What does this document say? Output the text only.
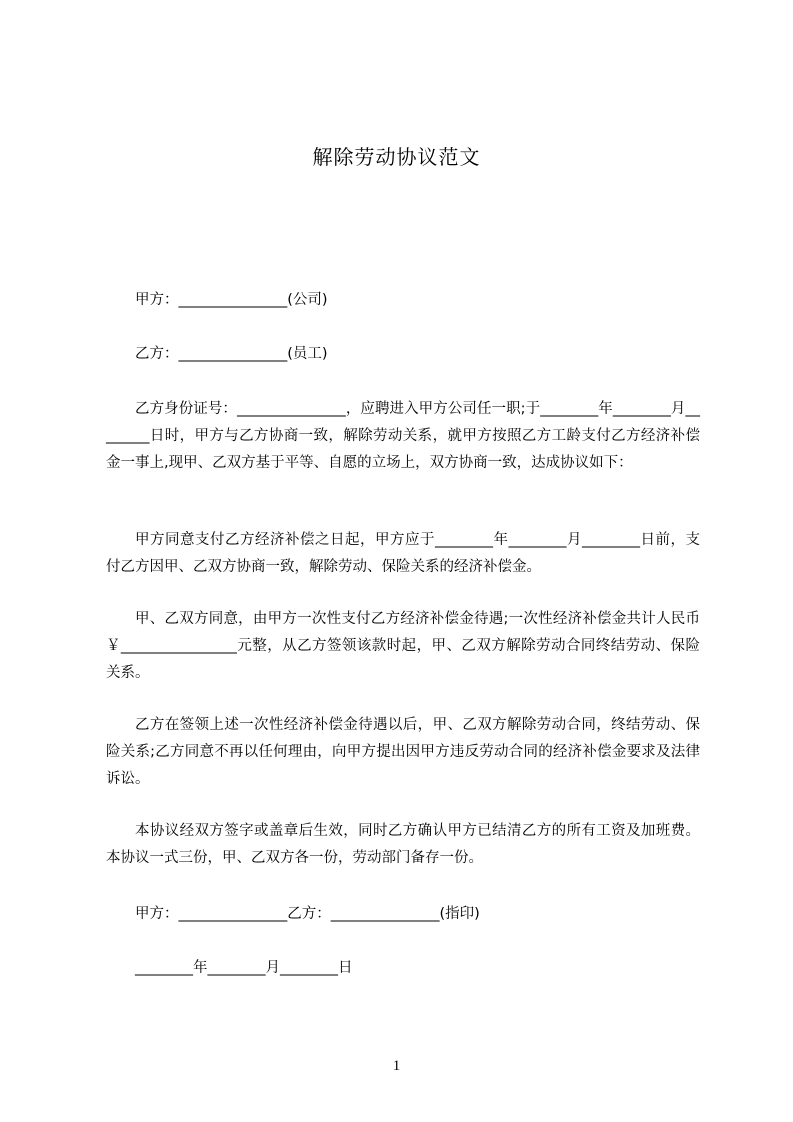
解除劳动协议范文

甲方：_______________(公司)

乙方：_______________(员工)

乙方身份证号：_______________，应聘进入甲方公司任一职;于________年________月________日时，甲方与乙方协商一致，解除劳动关系，就甲方按照乙方工龄支付乙方经济补偿金一事上,现甲、乙双方基于平等、自愿的立场上，双方协商一致，达成协议如下：

甲方同意支付乙方经济补偿之日起，甲方应于________年________月________日前，支付乙方因甲、乙双方协商一致，解除劳动、保险关系的经济补偿金。

甲、乙双方同意，由甲方一次性支付乙方经济补偿金待遇;一次性经济补偿金共计人民币￥________________元整，从乙方签领该款时起，甲、乙双方解除劳动合同终结劳动、保险关系。

乙方在签领上述一次性经济补偿金待遇以后，甲、乙双方解除劳动合同，终结劳动、保险关系;乙方同意不再以任何理由，向甲方提出因甲方违反劳动合同的经济补偿金要求及法律诉讼。

本协议经双方签字或盖章后生效，同时乙方确认甲方已结清乙方的所有工资及加班费。本协议一式三份，甲、乙双方各一份，劳动部门备存一份。

甲方：_______________乙方：_______________(指印)

________年________月________日

1
